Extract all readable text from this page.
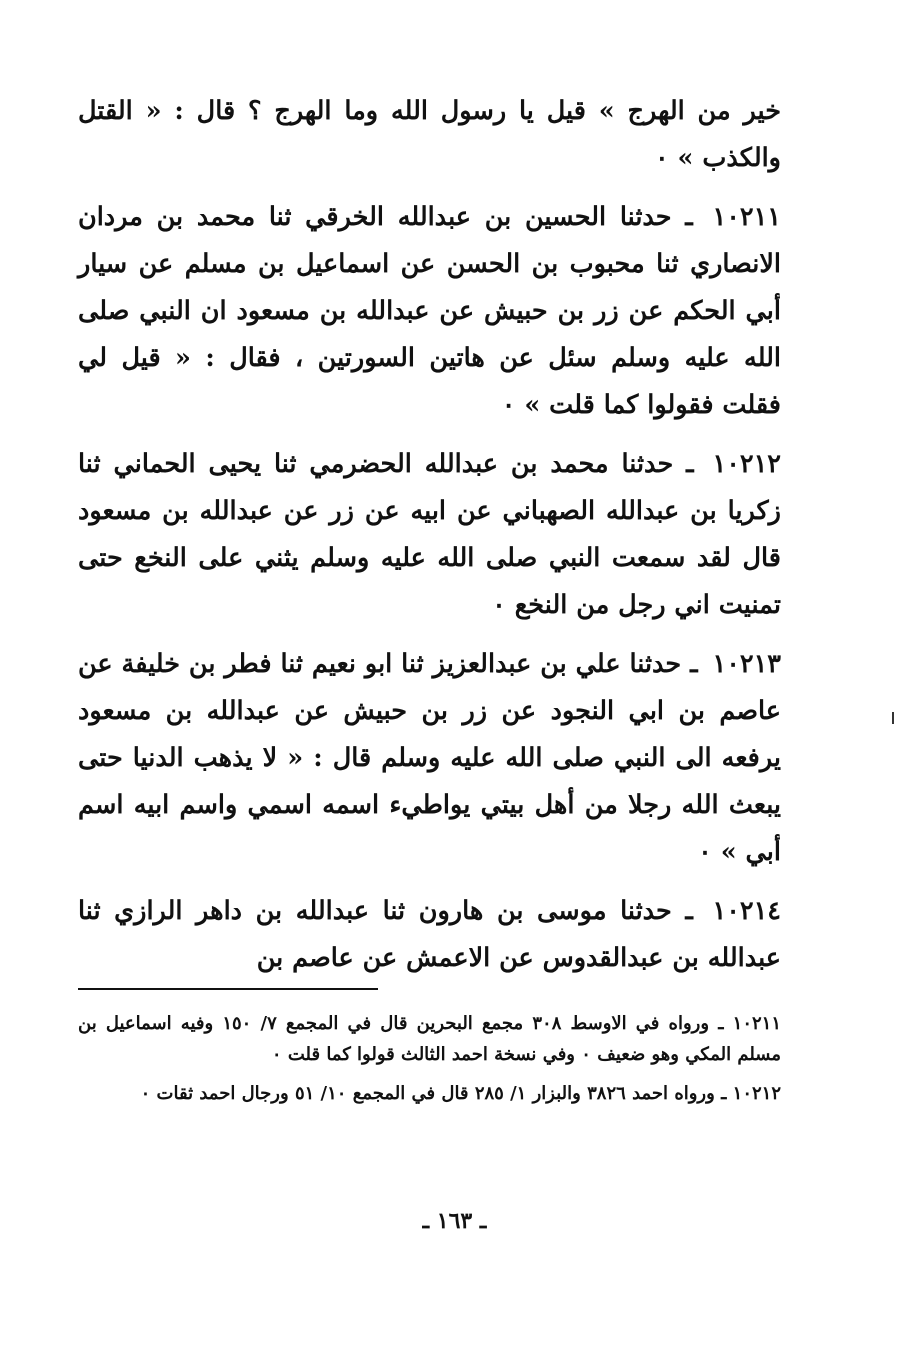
خير من الهرج » قيل يا رسول الله وما الهرج ؟ قال : « القتل والكذب » ٠

١٠٢١١ ـ حدثنا الحسين بن عبدالله الخرقي ثنا محمد بن مردان الانصاري ثنا محبوب بن الحسن عن اسماعيل بن مسلم عن سيار أبي الحكم عن زر بن حبيش عن عبدالله بن مسعود ان النبي صلى الله عليه وسلم سئل عن هاتين السورتين ، فقال : « قيل لي فقلت فقولوا كما قلت » ٠

١٠٢١٢ ـ حدثنا محمد بن عبدالله الحضرمي ثنا يحيى الحماني ثنا زكريا بن عبدالله الصهباني عن ابيه عن زر عن عبدالله بن مسعود قال لقد سمعت النبي صلى الله عليه وسلم يثني على النخع حتى تمنيت اني رجل من النخع ٠

١٠٢١٣ ـ حدثنا علي بن عبدالعزيز ثنا ابو نعيم ثنا فطر بن خليفة عن عاصم بن ابي النجود عن زر بن حبيش عن عبدالله بن مسعود يرفعه الى النبي صلى الله عليه وسلم قال : « لا يذهب الدنيا حتى يبعث الله رجلا من أهل بيتي يواطيء اسمه اسمي واسم ابيه اسم أبي » ٠

١٠٢١٤ ـ حدثنا موسى بن هارون ثنا عبدالله بن داهر الرازي ثنا عبدالله بن عبدالقدوس عن الاعمش عن عاصم بن

١٠٢١١ ـ ورواه في الاوسط ٣٠٨ مجمع البحرين قال في المجمع ٧/ ١٥٠ وفيه اسماعيل بن مسلم المكي وهو ضعيف ٠ وفي نسخة احمد الثالث قولوا كما قلت ٠

١٠٢١٢ ـ ورواه احمد ٣٨٢٦ والبزار ١/ ٢٨٥ قال في المجمع ١٠/ ٥١ ورجال احمد ثقات ٠

ـ ١٦٣ ـ
